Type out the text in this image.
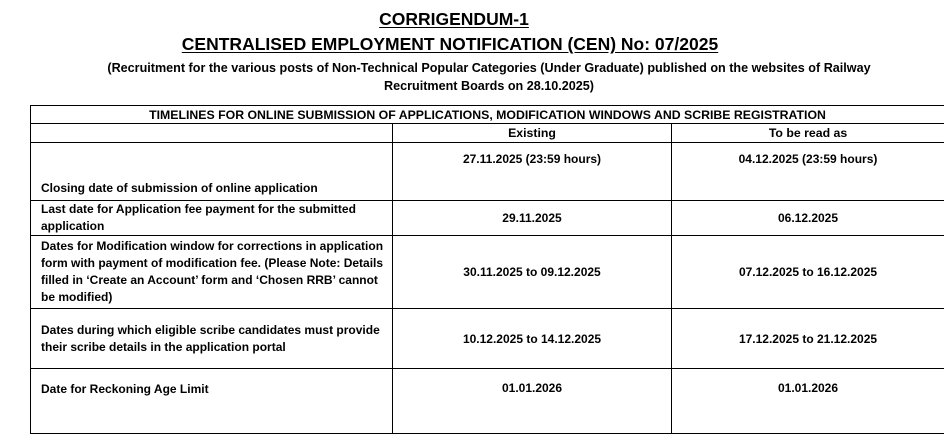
CORRIGENDUM-1
CENTRALISED EMPLOYMENT NOTIFICATION (CEN) No: 07/2025
(Recruitment for the various posts of Non-Technical Popular Categories (Under Graduate) published on the websites of Railway
Recruitment Boards on 28.10.2025)
TIMELINES FOR ONLINE SUBMISSION OF APPLICATIONS, MODIFICATION WINDOWS AND SCRIBE REGISTRATION		
	Existing	To be read as
Closing date of submission of online application	27.11.2025 (23:59 hours)	04.12.2025 (23:59 hours)
Last date for Application fee payment for the submitted application	29.11.2025	06.12.2025
Dates for Modification window for corrections in application form with payment of modification fee. (Please Note: Details filled in ‘Create an Account’ form and ‘Chosen RRB’ cannot be modified)	30.11.2025 to 09.12.2025	07.12.2025 to 16.12.2025
Dates during which eligible scribe candidates must provide their scribe details in the application portal	10.12.2025 to 14.12.2025	17.12.2025 to 21.12.2025
Date for Reckoning Age Limit	01.01.2026	01.01.2026
